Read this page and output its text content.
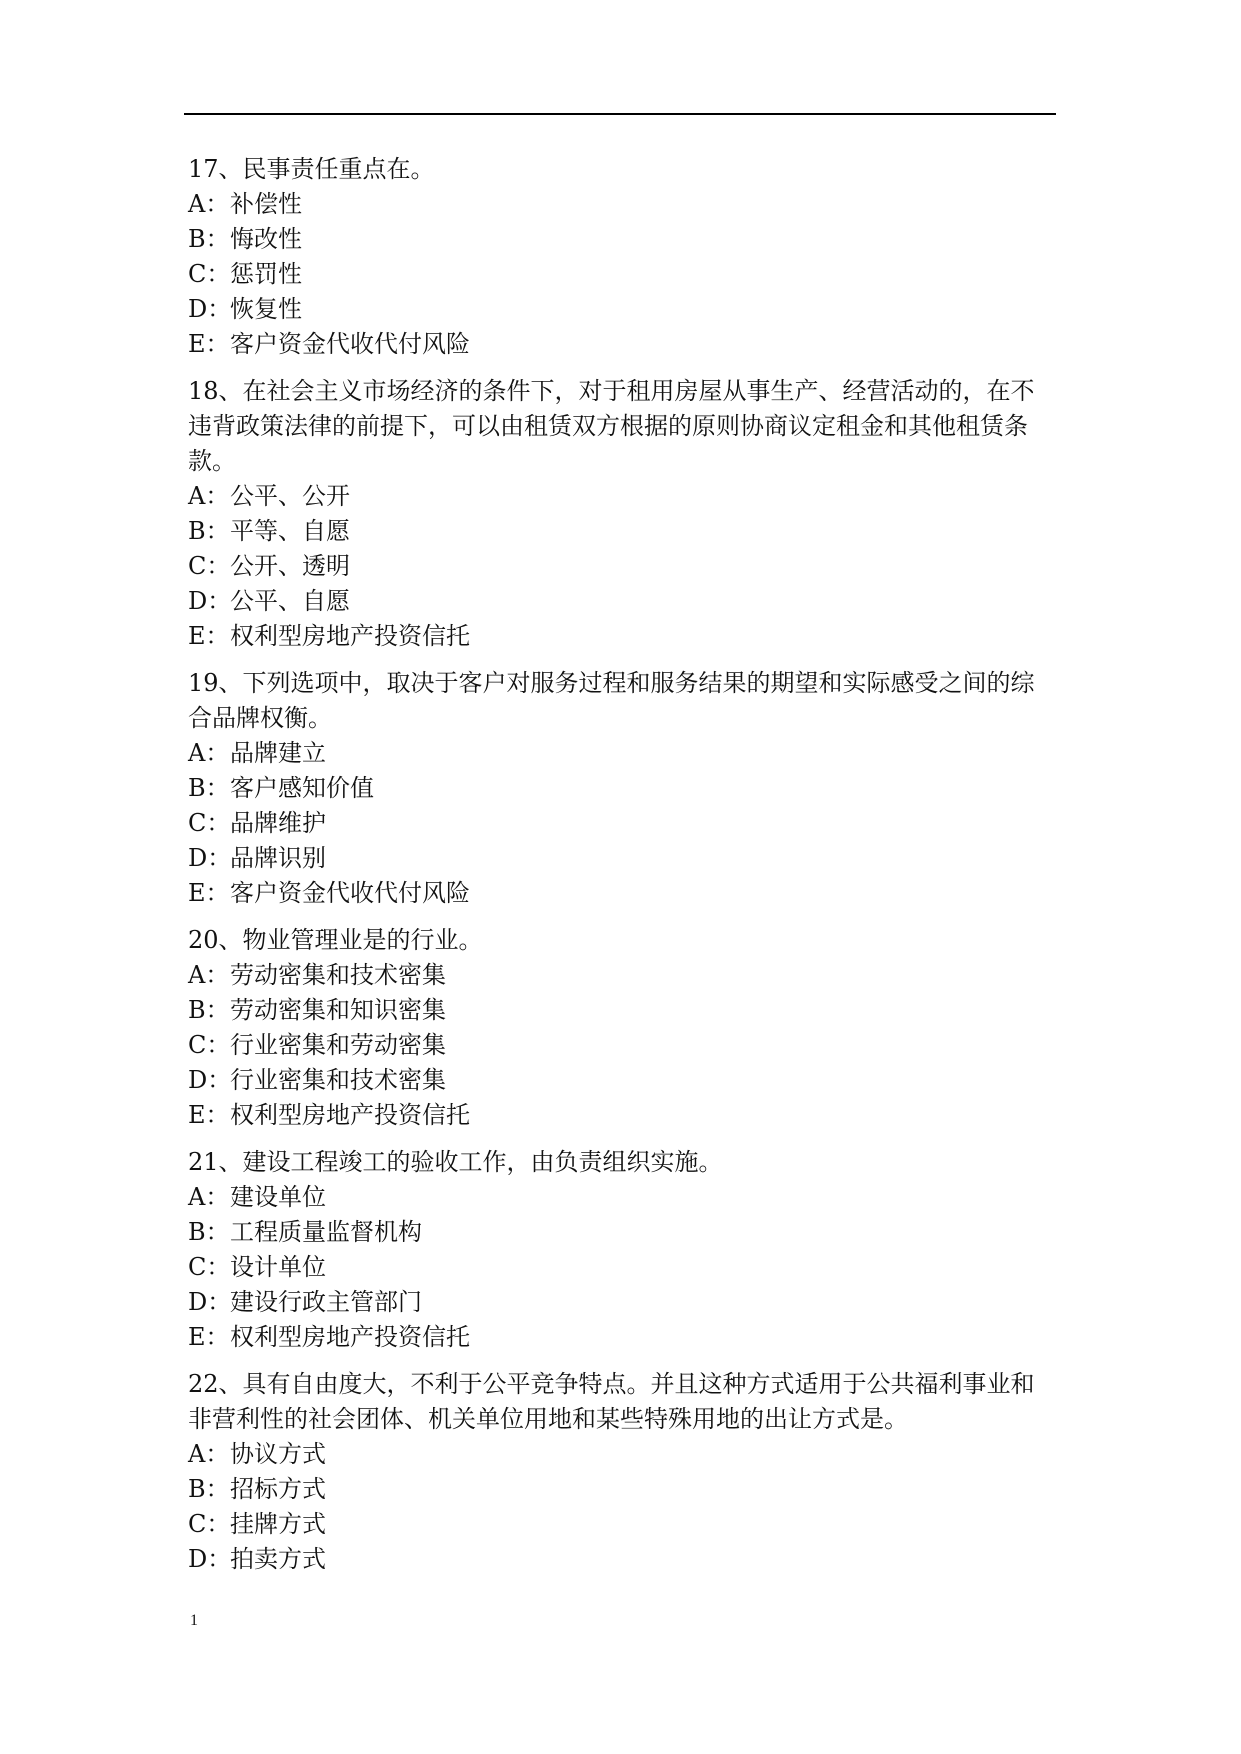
17、民事责任重点在。

A：补偿性
B：悔改性
C：惩罚性
D：恢复性
E：客户资金代收代付风险

18、在社会主义市场经济的条件下，对于租用房屋从事生产、经营活动的，在不违背政策法律的前提下，可以由租赁双方根据的原则协商议定租金和其他租赁条款。

A：公平、公开
B：平等、自愿
C：公开、透明
D：公平、自愿
E：权利型房地产投资信托

19、下列选项中，取决于客户对服务过程和服务结果的期望和实际感受之间的综合品牌权衡。

A：品牌建立
B：客户感知价值
C：品牌维护
D：品牌识别
E：客户资金代收代付风险

20、物业管理业是的行业。

A：劳动密集和技术密集
B：劳动密集和知识密集
C：行业密集和劳动密集
D：行业密集和技术密集
E：权利型房地产投资信托

21、建设工程竣工的验收工作，由负责组织实施。

A：建设单位
B：工程质量监督机构
C：设计单位
D：建设行政主管部门
E：权利型房地产投资信托

22、具有自由度大，不利于公平竞争特点。并且这种方式适用于公共福利事业和非营利性的社会团体、机关单位用地和某些特殊用地的出让方式是。

A：协议方式
B：招标方式
C：挂牌方式
D：拍卖方式
1
